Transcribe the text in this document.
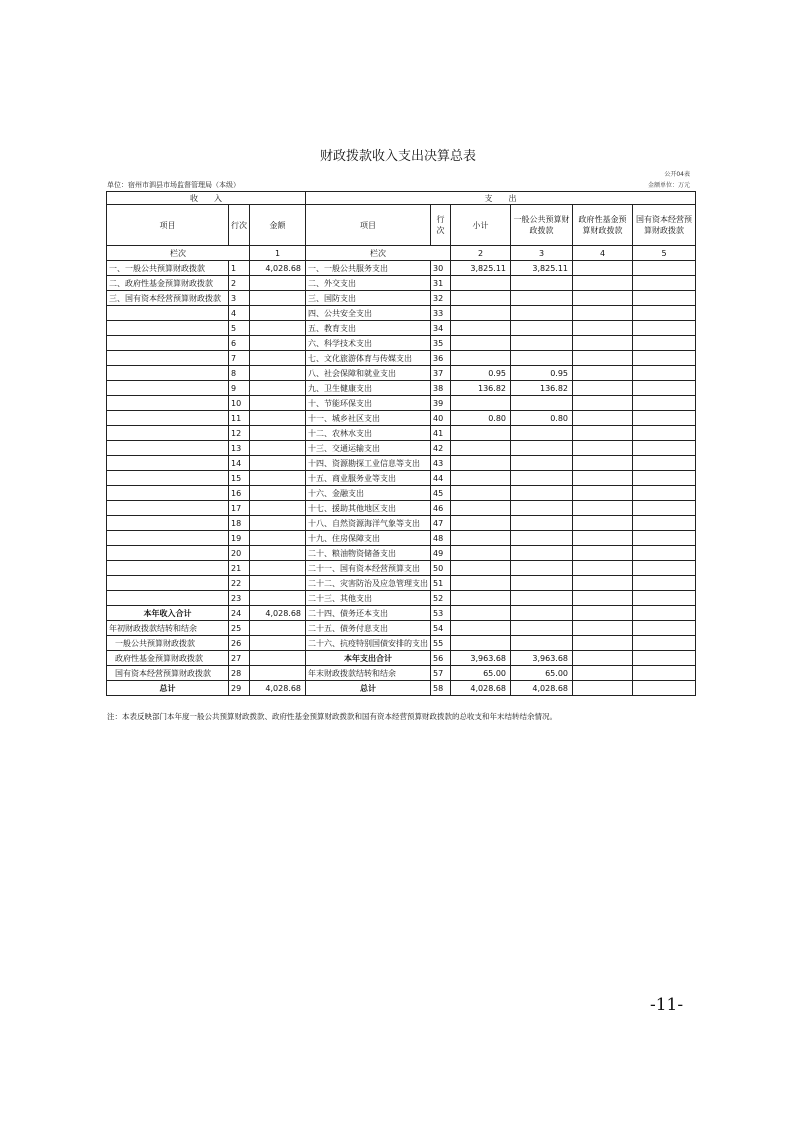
财政拨款收入支出决算总表
公开04表
单位：宿州市泗县市场监督管理局（本级）	金额单位：万元
收　　入			支　　出					
项目	行次	金额	项目	行次	小计	一般公共预算财政拨款	政府性基金预算财政拨款	国有资本经营预算财政拨款
栏次		1	栏次		2	3	4	5
一、一般公共预算财政拨款	1	4,028.68	一、一般公共服务支出	30	3,825.11	3,825.11		
二、政府性基金预算财政拨款	2		二、外交支出	31				
三、国有资本经营预算财政拨款	3		三、国防支出	32				
	4		四、公共安全支出	33				
	5		五、教育支出	34				
	6		六、科学技术支出	35				
	7		七、文化旅游体育与传媒支出	36				
	8		八、社会保障和就业支出	37	0.95	0.95		
	9		九、卫生健康支出	38	136.82	136.82		
	10		十、节能环保支出	39				
	11		十一、城乡社区支出	40	0.80	0.80		
	12		十二、农林水支出	41				
	13		十三、交通运输支出	42				
	14		十四、资源勘探工业信息等支出	43				
	15		十五、商业服务业等支出	44				
	16		十六、金融支出	45				
	17		十七、援助其他地区支出	46				
	18		十八、自然资源海洋气象等支出	47				
	19		十九、住房保障支出	48				
	20		二十、粮油物资储备支出	49				
	21		二十一、国有资本经营预算支出	50				
	22		二十二、灾害防治及应急管理支出	51				
	23		二十三、其他支出	52				
本年收入合计	24	4,028.68	二十四、债务还本支出	53				
年初财政拨款结转和结余	25		二十五、债务付息支出	54				
一般公共预算财政拨款	26		二十六、抗疫特别国债安排的支出	55				
政府性基金预算财政拨款	27		本年支出合计	56	3,963.68	3,963.68		
国有资本经营预算财政拨款	28		年末财政拨款结转和结余	57	65.00	65.00		
总计	29	4,028.68	总计	58	4,028.68	4,028.68		
注：本表反映部门本年度一般公共预算财政拨款、政府性基金预算财政拨款和国有资本经营预算财政拨款的总收支和年末结转结余情况。
-11-
